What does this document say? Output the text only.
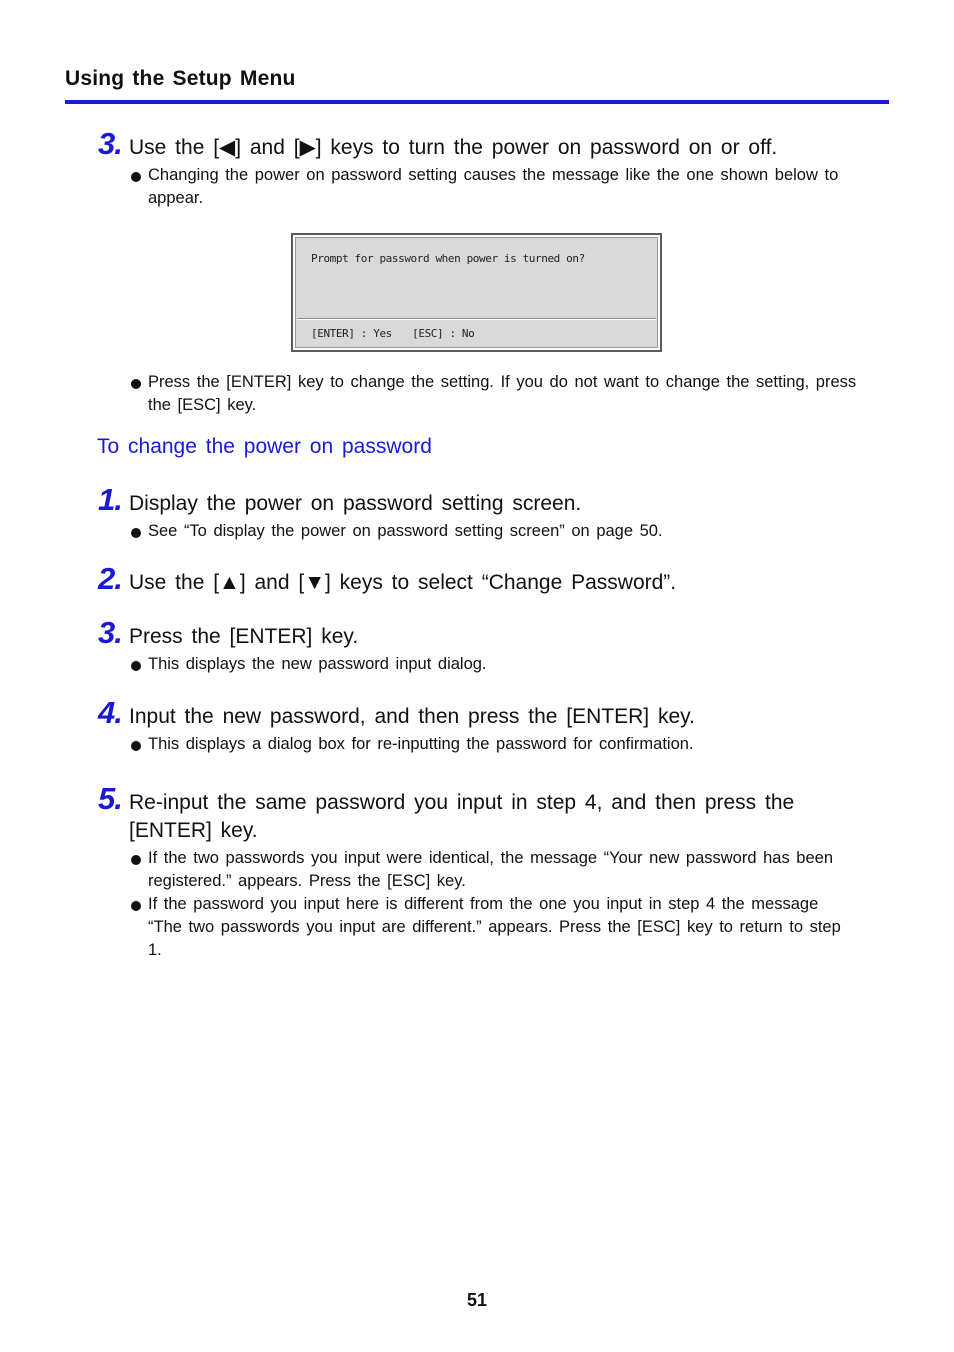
Using the Setup Menu
3. Use the [◀] and [▶] keys to turn the power on password on or off.
Changing the power on password setting causes the message like the one shown below to appear.
Prompt for password when power is turned on?
[ENTER] : Yes [ESC] : No
Press the [ENTER] key to change the setting. If you do not want to change the setting, press the [ESC] key.
To change the power on password
1. Display the power on password setting screen.
See “To display the power on password setting screen” on page 50.
2. Use the [▲] and [▼] keys to select “Change Password”.
3. Press the [ENTER] key.
This displays the new password input dialog.
4. Input the new password, and then press the [ENTER] key.
This displays a dialog box for re-inputting the password for confirmation.
5. Re-input the same password you input in step 4, and then press the [ENTER] key.
If the two passwords you input were identical, the message “Your new password has been registered.” appears. Press the [ESC] key.
If the password you input here is different from the one you input in step 4 the message “The two passwords you input are different.” appears. Press the [ESC] key to return to step 1.
51
